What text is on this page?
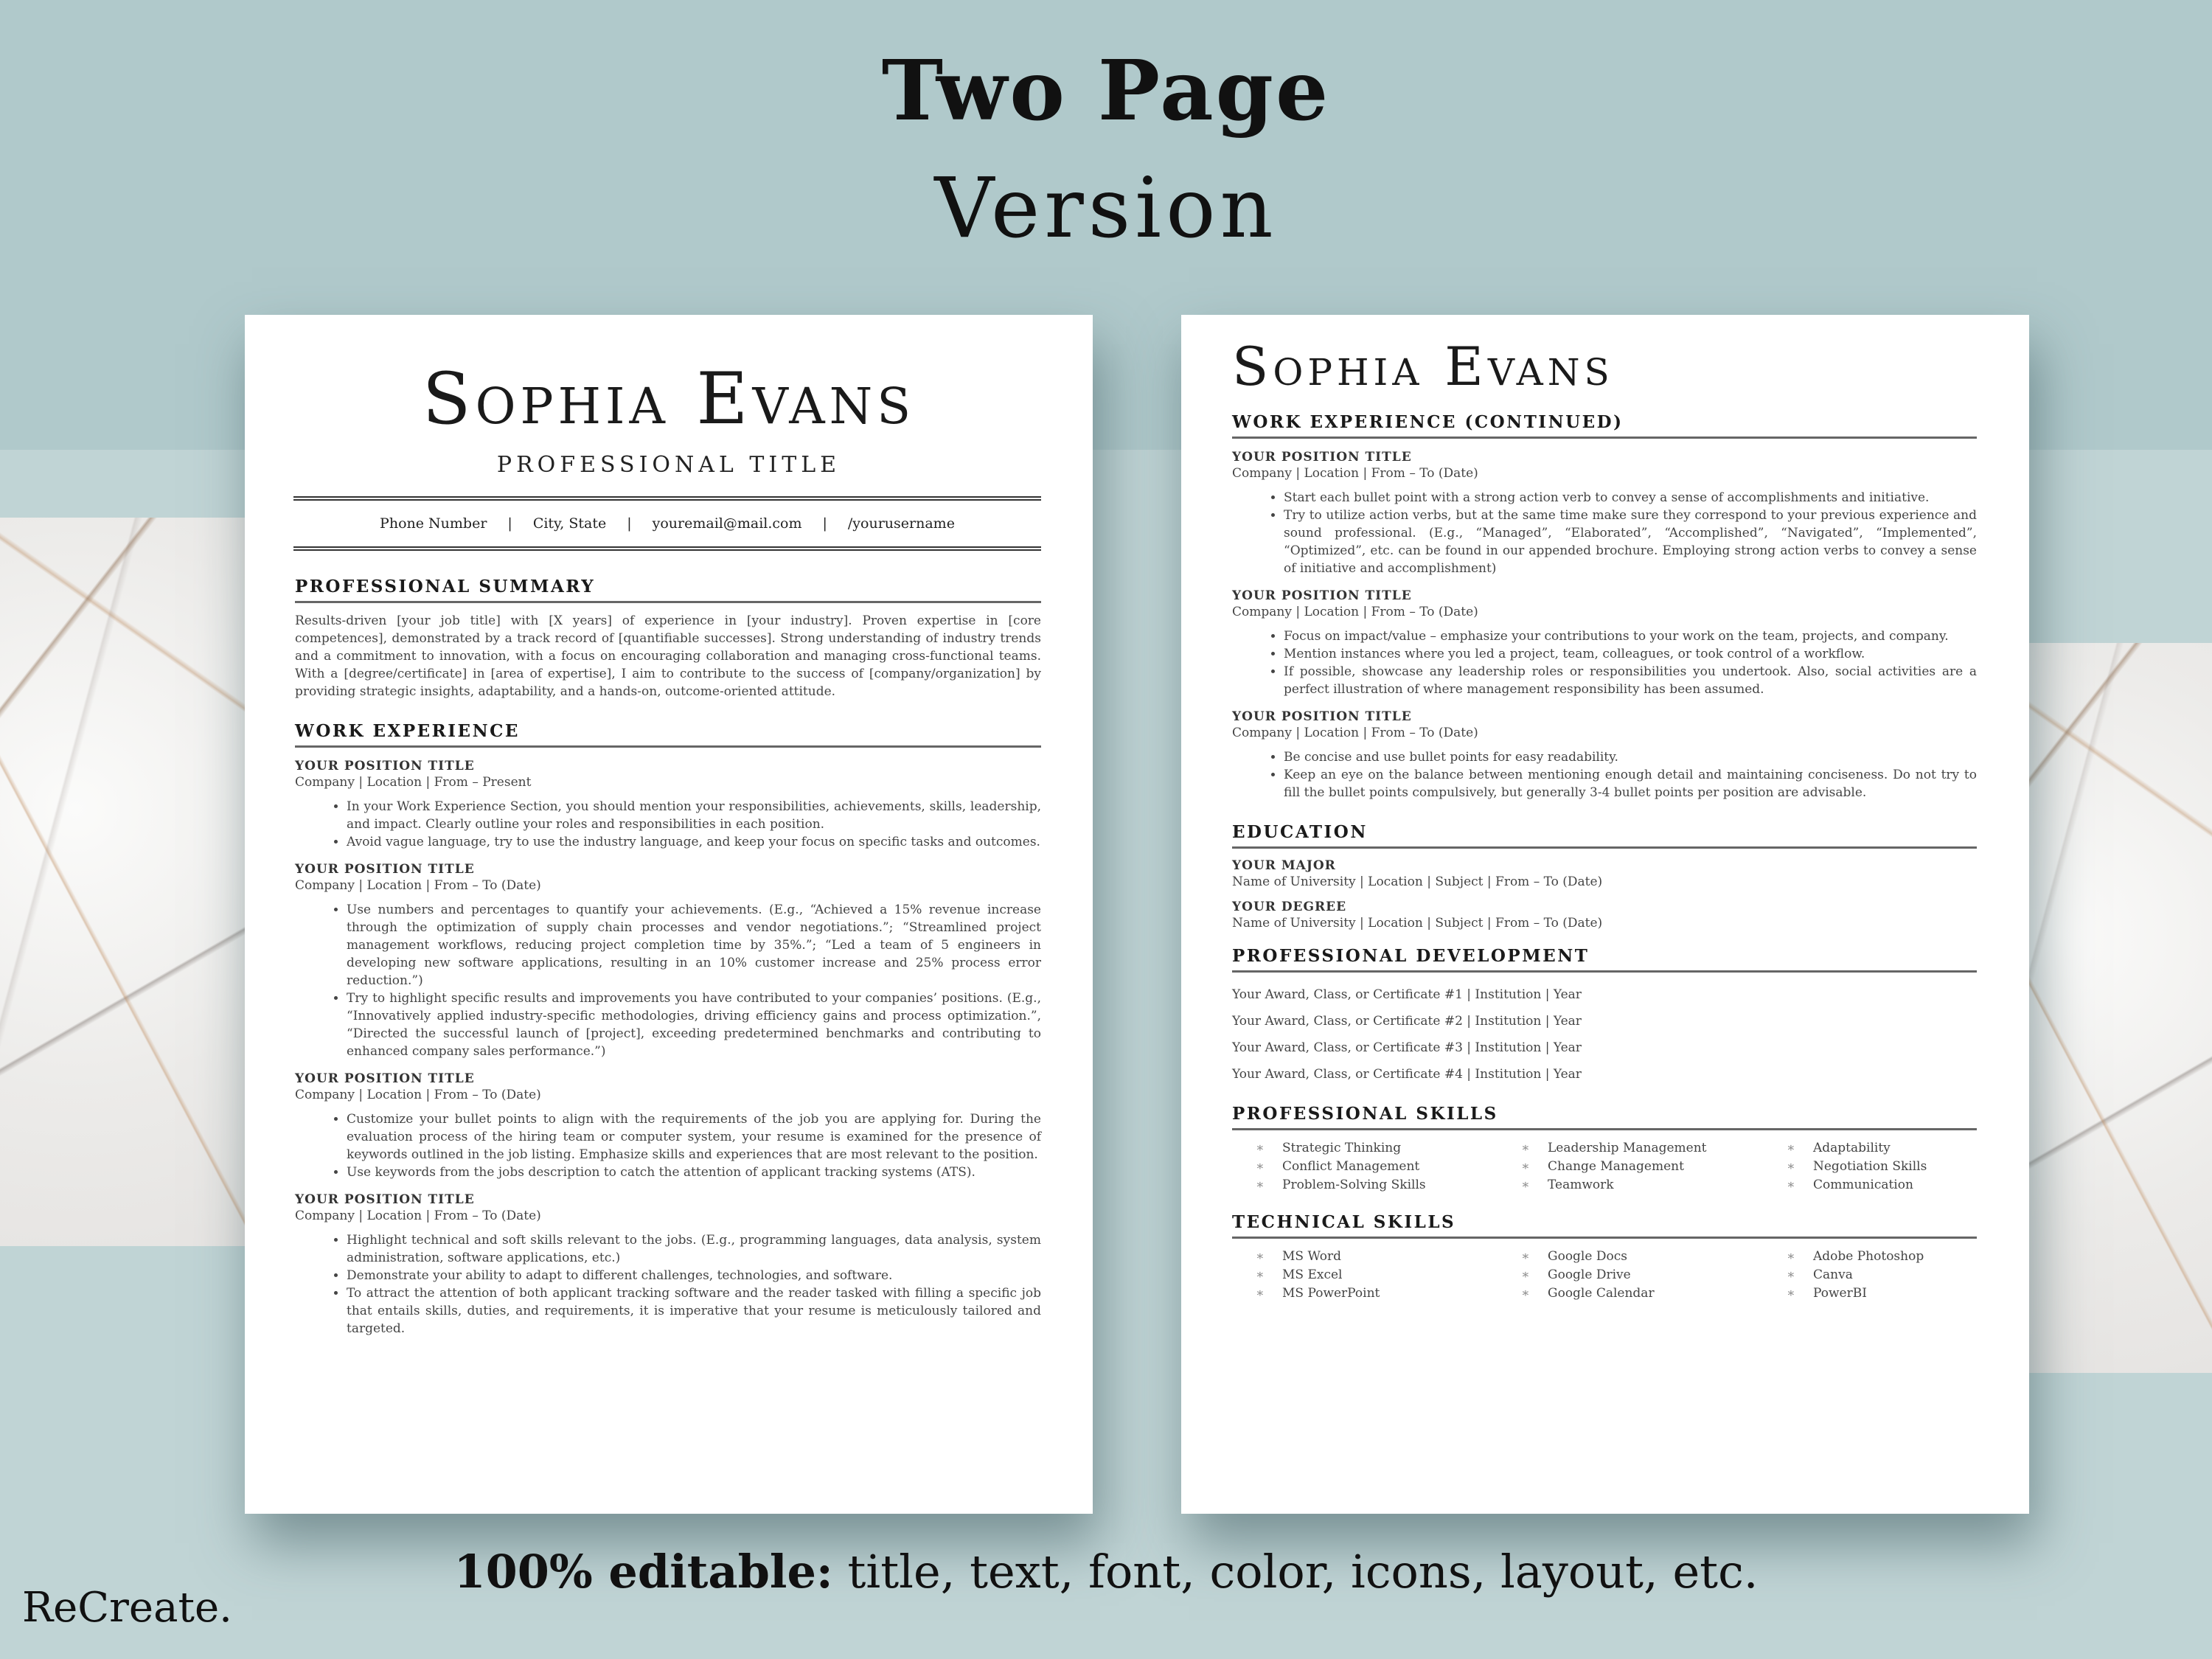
Two Page
Version
Sophia Evans
PROFESSIONAL TITLE
Phone Number | City, State | youremail@mail.com | /yourusername
PROFESSIONAL SUMMARY
Results-driven [your job title] with [X years] of experience in [your industry]. Proven expertise in [core competences], demonstrated by a track record of [quantifiable successes]. Strong understanding of industry trends and a commitment to innovation, with a focus on encouraging collaboration and managing cross-functional teams. With a [degree/certificate] in [area of expertise], I aim to contribute to the success of [company/organization] by providing strategic insights, adaptability, and a hands-on, outcome-oriented attitude.
WORK EXPERIENCE
YOUR POSITION TITLE
Company | Location | From – Present
• In your Work Experience Section, you should mention your responsibilities, achievements, skills, leadership, and impact. Clearly outline your roles and responsibilities in each position.
• Avoid vague language, try to use the industry language, and keep your focus on specific tasks and outcomes.
YOUR POSITION TITLE
Company | Location | From – To (Date)
• Use numbers and percentages to quantify your achievements. (E.g., “Achieved a 15% revenue increase through the optimization of supply chain processes and vendor negotiations.”; “Streamlined project management workflows, reducing project completion time by 35%.”; “Led a team of 5 engineers in developing new software applications, resulting in an 10% customer increase and 25% process error reduction.”)
• Try to highlight specific results and improvements you have contributed to your companies’ positions. (E.g., “Innovatively applied industry-specific methodologies, driving efficiency gains and process optimization.”, “Directed the successful launch of [project], exceeding predetermined benchmarks and contributing to enhanced company sales performance.”)
YOUR POSITION TITLE
Company | Location | From – To (Date)
• Customize your bullet points to align with the requirements of the job you are applying for. During the evaluation process of the hiring team or computer system, your resume is examined for the presence of keywords outlined in the job listing. Emphasize skills and experiences that are most relevant to the position.
• Use keywords from the jobs description to catch the attention of applicant tracking systems (ATS).
YOUR POSITION TITLE
Company | Location | From – To (Date)
• Highlight technical and soft skills relevant to the jobs. (E.g., programming languages, data analysis, system administration, software applications, etc.)
• Demonstrate your ability to adapt to different challenges, technologies, and software.
• To attract the attention of both applicant tracking software and the reader tasked with filling a specific job that entails skills, duties, and requirements, it is imperative that your resume is meticulously tailored and targeted.
Sophia Evans
WORK EXPERIENCE (CONTINUED)
YOUR POSITION TITLE
Company | Location | From – To (Date)
• Start each bullet point with a strong action verb to convey a sense of accomplishments and initiative.
• Try to utilize action verbs, but at the same time make sure they correspond to your previous experience and sound professional. (E.g., “Managed”, “Elaborated”, “Accomplished”, “Navigated”, “Implemented”, “Optimized”, etc. can be found in our appended brochure. Employing strong action verbs to convey a sense of initiative and accomplishment)
YOUR POSITION TITLE
Company | Location | From – To (Date)
• Focus on impact/value – emphasize your contributions to your work on the team, projects, and company.
• Mention instances where you led a project, team, colleagues, or took control of a workflow.
• If possible, showcase any leadership roles or responsibilities you undertook. Also, social activities are a perfect illustration of where management responsibility has been assumed.
YOUR POSITION TITLE
Company | Location | From – To (Date)
• Be concise and use bullet points for easy readability.
• Keep an eye on the balance between mentioning enough detail and maintaining conciseness. Do not try to fill the bullet points compulsively, but generally 3-4 bullet points per position are advisable.
EDUCATION
YOUR MAJOR
Name of University | Location | Subject | From – To (Date)
YOUR DEGREE
Name of University | Location | Subject | From – To (Date)
PROFESSIONAL DEVELOPMENT
Your Award, Class, or Certificate #1 | Institution | Year
Your Award, Class, or Certificate #2 | Institution | Year
Your Award, Class, or Certificate #3 | Institution | Year
Your Award, Class, or Certificate #4 | Institution | Year
PROFESSIONAL SKILLS
∗ Strategic Thinking	∗ Leadership Management	∗ Adaptability
∗ Conflict Management	∗ Change Management	∗ Negotiation Skills
∗ Problem-Solving Skills	∗ Teamwork	∗ Communication
TECHNICAL SKILLS
∗ MS Word	∗ Google Docs	∗ Adobe Photoshop
∗ MS Excel	∗ Google Drive	∗ Canva
∗ MS PowerPoint	∗ Google Calendar	∗ PowerBI
100% editable: title, text, font, color, icons, layout, etc.
ReCreate.
